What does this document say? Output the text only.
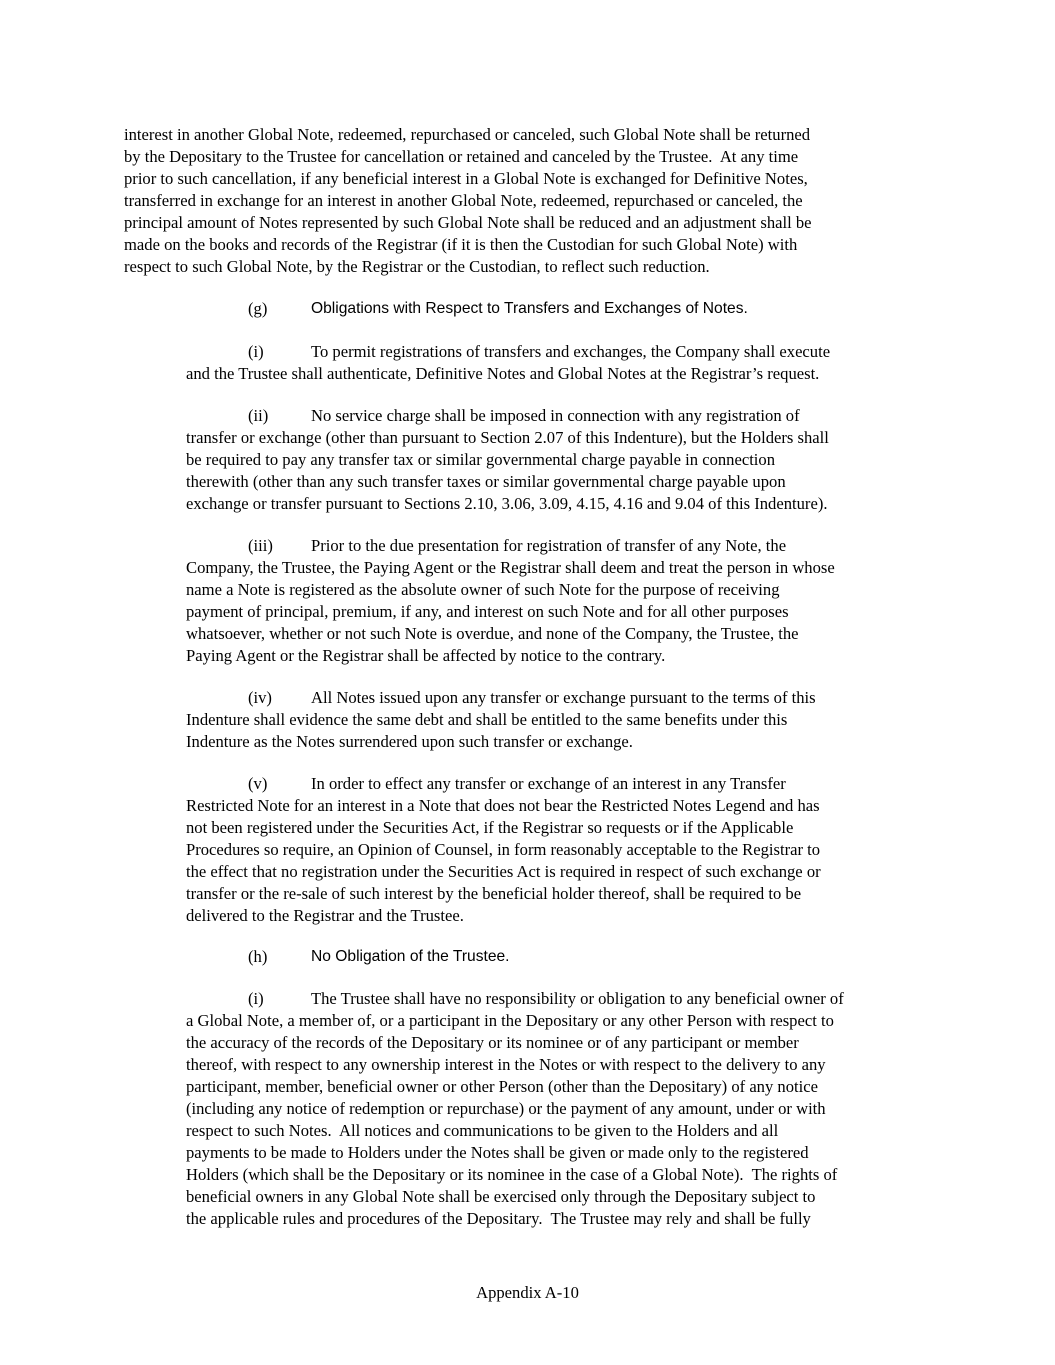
interest in another Global Note, redeemed, repurchased or canceled, such Global Note shall be returned
by the Depositary to the Trustee for cancellation or retained and canceled by the Trustee.  At any time
prior to such cancellation, if any beneficial interest in a Global Note is exchanged for Definitive Notes,
transferred in exchange for an interest in another Global Note, redeemed, repurchased or canceled, the
principal amount of Notes represented by such Global Note shall be reduced and an adjustment shall be
made on the books and records of the Registrar (if it is then the Custodian for such Global Note) with
respect to such Global Note, by the Registrar or the Custodian, to reflect such reduction.
(g)	Obligations with Respect to Transfers and Exchanges of Notes.
(i)	To permit registrations of transfers and exchanges, the Company shall execute
and the Trustee shall authenticate, Definitive Notes and Global Notes at the Registrar’s request.
(ii)	No service charge shall be imposed in connection with any registration of
transfer or exchange (other than pursuant to Section 2.07 of this Indenture), but the Holders shall
be required to pay any transfer tax or similar governmental charge payable in connection
therewith (other than any such transfer taxes or similar governmental charge payable upon
exchange or transfer pursuant to Sections 2.10, 3.06, 3.09, 4.15, 4.16 and 9.04 of this Indenture).
(iii) Prior to the due presentation for registration of transfer of any Note, the
Company, the Trustee, the Paying Agent or the Registrar shall deem and treat the person in whose
name a Note is registered as the absolute owner of such Note for the purpose of receiving
payment of principal, premium, if any, and interest on such Note and for all other purposes
whatsoever, whether or not such Note is overdue, and none of the Company, the Trustee, the
Paying Agent or the Registrar shall be affected by notice to the contrary.
(iv) All Notes issued upon any transfer or exchange pursuant to the terms of this
Indenture shall evidence the same debt and shall be entitled to the same benefits under this
Indenture as the Notes surrendered upon such transfer or exchange.
(v)	In order to effect any transfer or exchange of an interest in any Transfer
Restricted Note for an interest in a Note that does not bear the Restricted Notes Legend and has
not been registered under the Securities Act, if the Registrar so requests or if the Applicable
Procedures so require, an Opinion of Counsel, in form reasonably acceptable to the Registrar to
the effect that no registration under the Securities Act is required in respect of such exchange or
transfer or the re-sale of such interest by the beneficial holder thereof, shall be required to be
delivered to the Registrar and the Trustee.
(h)	No Obligation of the Trustee.
(i)	The Trustee shall have no responsibility or obligation to any beneficial owner of
a Global Note, a member of, or a participant in the Depositary or any other Person with respect to
the accuracy of the records of the Depositary or its nominee or of any participant or member
thereof, with respect to any ownership interest in the Notes or with respect to the delivery to any
participant, member, beneficial owner or other Person (other than the Depositary) of any notice
(including any notice of redemption or repurchase) or the payment of any amount, under or with
respect to such Notes.  All notices and communications to be given to the Holders and all
payments to be made to Holders under the Notes shall be given or made only to the registered
Holders (which shall be the Depositary or its nominee in the case of a Global Note).  The rights of
beneficial owners in any Global Note shall be exercised only through the Depositary subject to
the applicable rules and procedures of the Depositary.  The Trustee may rely and shall be fully
Appendix A-10
